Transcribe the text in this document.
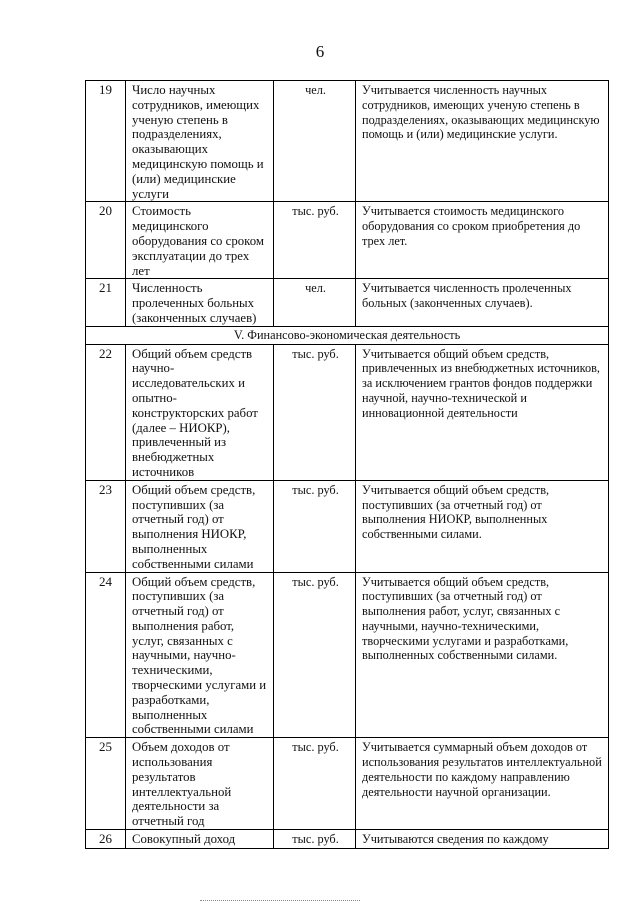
6
19	Число научных сотрудников, имеющих ученую степень в подразделениях, оказывающих медицинскую помощь и (или) медицинские услуги	чел.	Учитывается численность научных сотрудников, имеющих ученую степень в подразделениях, оказывающих медицинскую помощь и (или) медицинские услуги.
20	Стоимость медицинского оборудования со сроком эксплуатации до трех лет	тыс. руб.	Учитывается стоимость медицинского оборудования со сроком приобретения до трех лет.
21	Численность пролеченных больных (законченных случаев)	чел.	Учитывается численность пролеченных больных (законченных случаев).
V. Финансово-экономическая деятельность			
22	Общий объем средств научно-исследовательских и опытно-конструкторских работ (далее – НИОКР), привлеченный из внебюджетных источников	тыс. руб.	Учитывается общий объем средств, привлеченных из внебюджетных источников, за исключением грантов фондов поддержки научной, научно-технической и инновационной деятельности
23	Общий объем средств, поступивших (за отчетный год) от выполнения НИОКР, выполненных собственными силами	тыс. руб.	Учитывается общий объем средств, поступивших (за отчетный год) от выполнения НИОКР, выполненных собственными силами.
24	Общий объем средств, поступивших (за отчетный год) от выполнения работ, услуг, связанных с научными, научно-техническими, творческими услугами и разработками, выполненных собственными силами	тыс. руб.	Учитывается общий объем средств, поступивших (за отчетный год) от выполнения работ, услуг, связанных с научными, научно-техническими, творческими услугами и разработками, выполненных собственными силами.
25	Объем доходов от использования результатов интеллектуальной деятельности за отчетный год	тыс. руб.	Учитывается суммарный объем доходов от использования результатов интеллектуальной деятельности по каждому направлению деятельности научной организации.
26	Совокупный доход	тыс. руб.	Учитываются сведения по каждому
